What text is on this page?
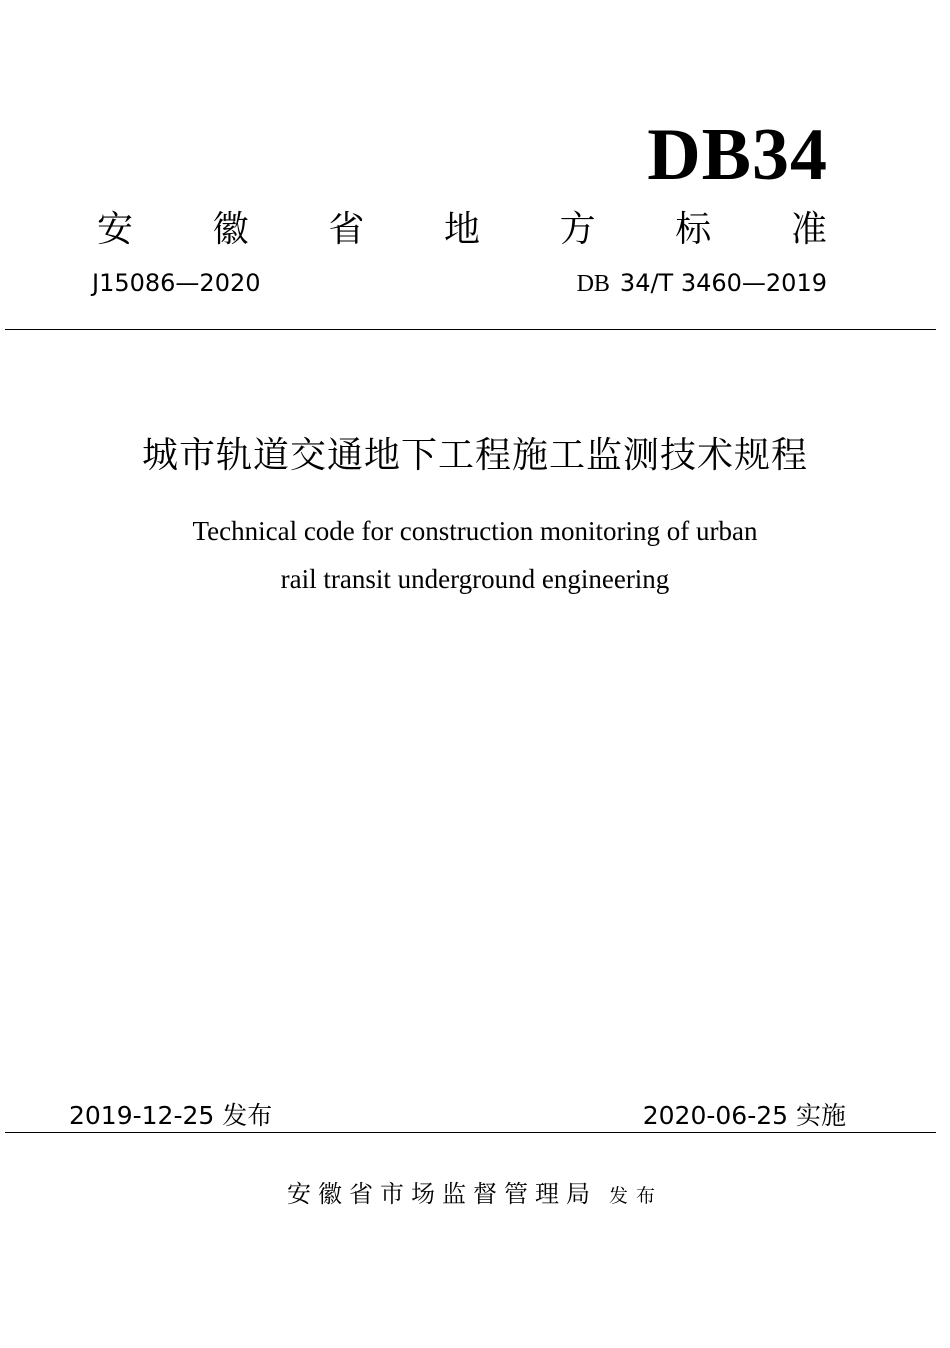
DB34
安 徽 省 地 方 标 准
J15086—2020	DB 34/T 3460—2019
城市轨道交通地下工程施工监测技术规程
Technical code for construction monitoring of urban
rail transit underground engineering
2019-12-25 发布	2020-06-25 实施
安徽省市场监督管理局 发布
